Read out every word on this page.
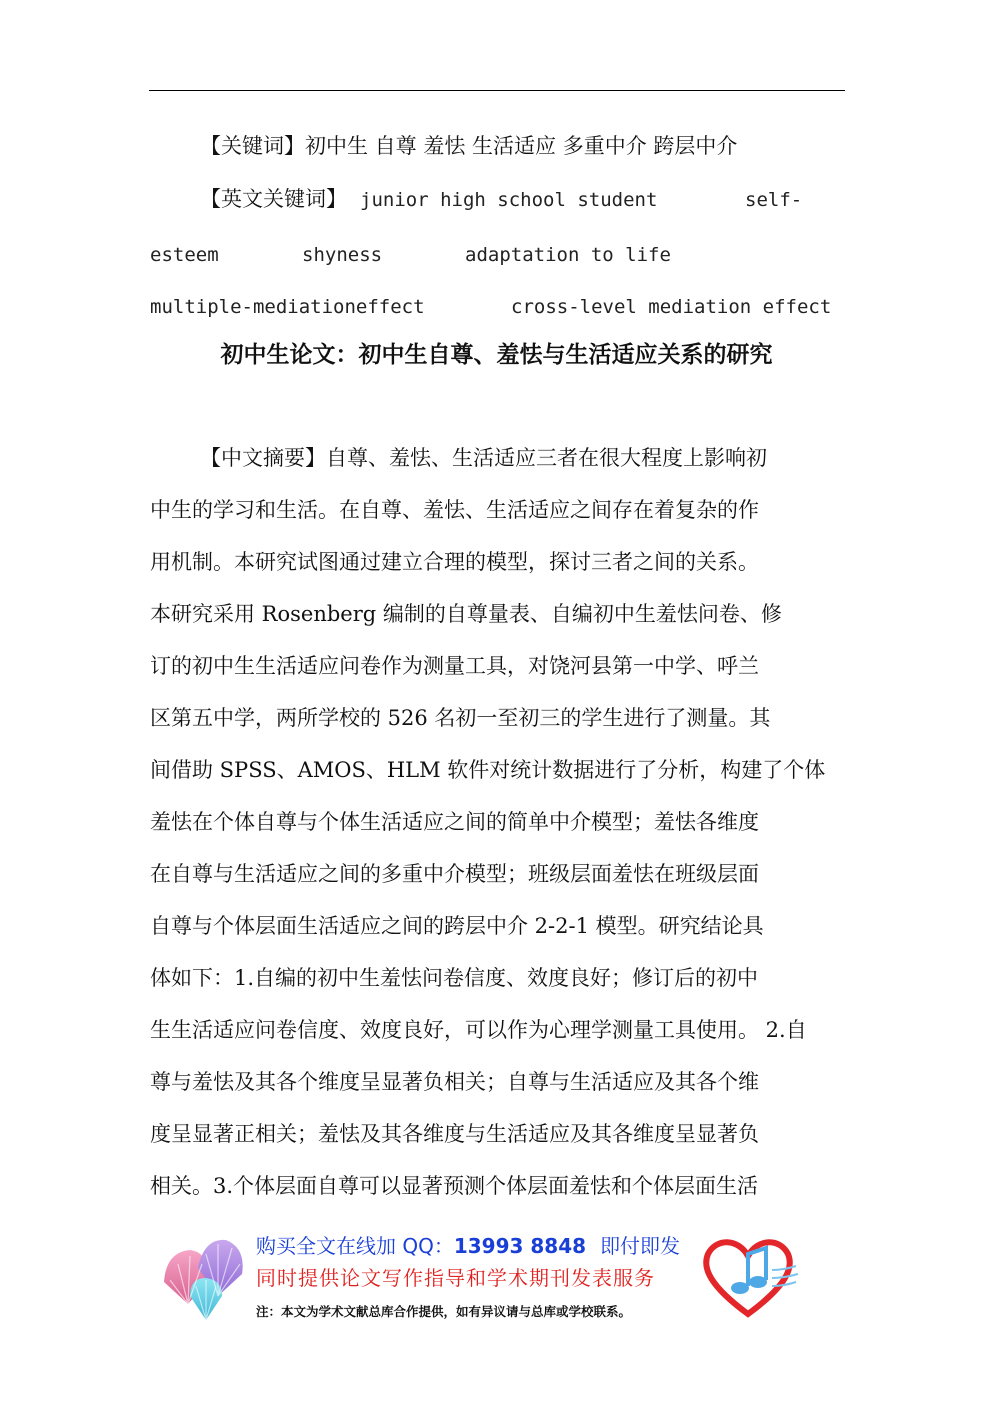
【关键词】初中生 自尊 羞怯 生活适应 多重中介 跨层中介
【英文关键词】 junior high school student	self-
esteem	shyness	adaptation to life
multiple-mediationeffect	cross-level mediation effect
初中生论文：初中生自尊、羞怯与生活适应关系的研究
【中文摘要】自尊、羞怯、生活适应三者在很大程度上影响初
中生的学习和生活。在自尊、羞怯、生活适应之间存在着复杂的作
用机制。本研究试图通过建立合理的模型，探讨三者之间的关系。
本研究采用 Rosenberg 编制的自尊量表、自编初中生羞怯问卷、修
订的初中生生活适应问卷作为测量工具，对饶河县第一中学、呼兰
区第五中学，两所学校的 526 名初一至初三的学生进行了测量。其
间借助 SPSS、AMOS、HLM 软件对统计数据进行了分析，构建了个体
羞怯在个体自尊与个体生活适应之间的简单中介模型；羞怯各维度
在自尊与生活适应之间的多重中介模型；班级层面羞怯在班级层面
自尊与个体层面生活适应之间的跨层中介 2-2-1 模型。研究结论具
体如下：1.自编的初中生羞怯问卷信度、效度良好；修订后的初中
生生活适应问卷信度、效度良好，可以作为心理学测量工具使用。 2.自
尊与羞怯及其各个维度呈显著负相关；自尊与生活适应及其各个维
度呈显著正相关；羞怯及其各维度与生活适应及其各维度呈显著负
相关。3.个体层面自尊可以显著预测个体层面羞怯和个体层面生活
购买全文在线加 QQ：13993 8848 即付即发
同时提供论文写作指导和学术期刊发表服务
注：本文为学术文献总库合作提供，如有异议请与总库或学校联系。
